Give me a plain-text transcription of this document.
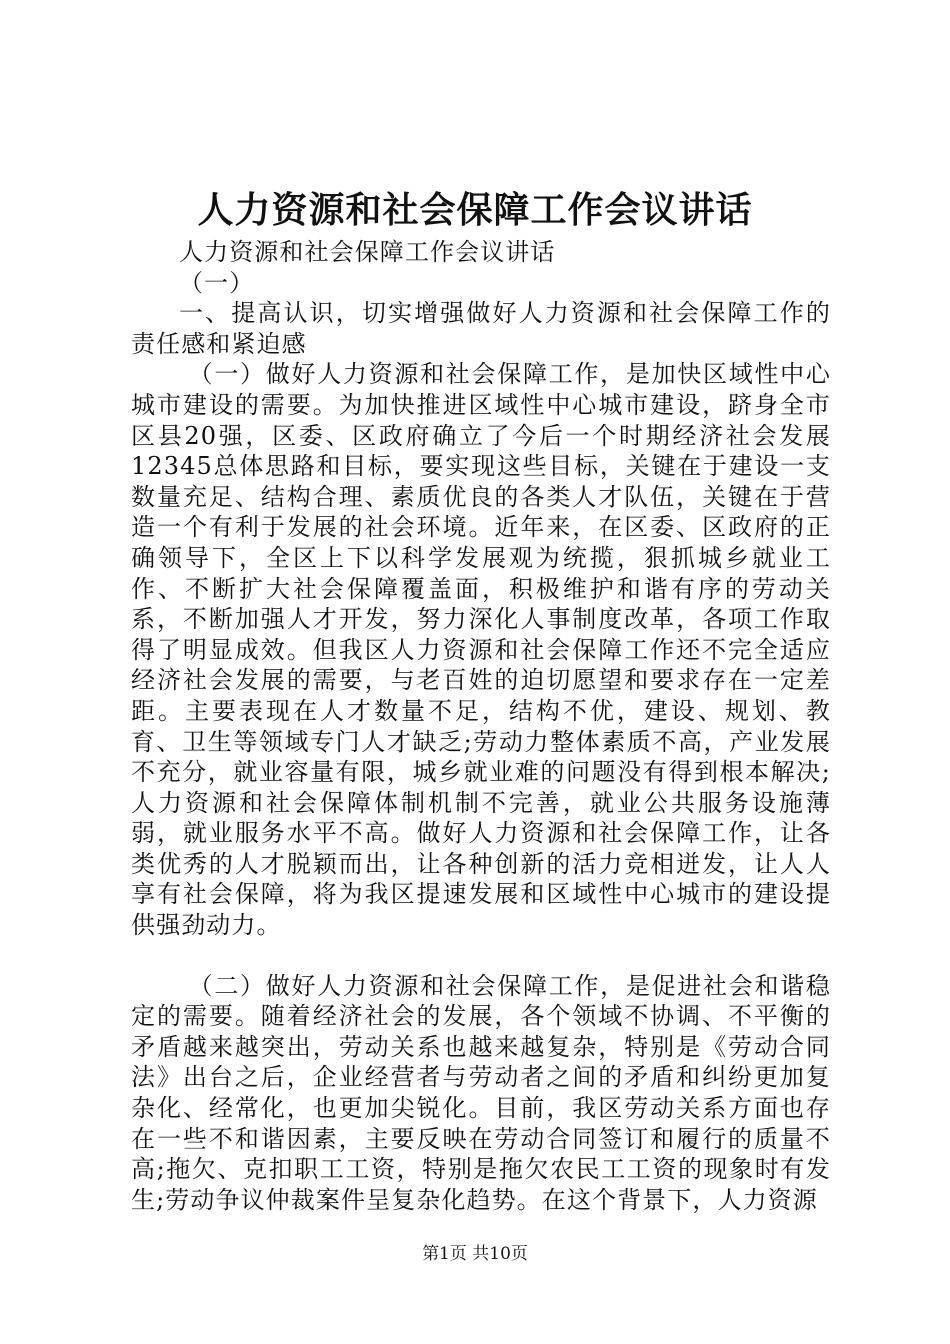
人力资源和社会保障工作会议讲话

人力资源和社会保障工作会议讲话

（一）

一、提高认识，切实增强做好人力资源和社会保障工作的责任感和紧迫感

（一）做好人力资源和社会保障工作，是加快区域性中心城市建设的需要。为加快推进区域性中心城市建设，跻身全市区县20强，区委、区政府确立了今后一个时期经济社会发展12345总体思路和目标，要实现这些目标，关键在于建设一支数量充足、结构合理、素质优良的各类人才队伍，关键在于营造一个有利于发展的社会环境。近年来，在区委、区政府的正确领导下，全区上下以科学发展观为统揽，狠抓城乡就业工作、不断扩大社会保障覆盖面，积极维护和谐有序的劳动关系，不断加强人才开发，努力深化人事制度改革，各项工作取得了明显成效。但我区人力资源和社会保障工作还不完全适应经济社会发展的需要，与老百姓的迫切愿望和要求存在一定差距。主要表现在人才数量不足，结构不优，建设、规划、教育、卫生等领域专门人才缺乏;劳动力整体素质不高，产业发展不充分，就业容量有限，城乡就业难的问题没有得到根本解决;人力资源和社会保障体制机制不完善，就业公共服务设施薄弱，就业服务水平不高。做好人力资源和社会保障工作，让各类优秀的人才脱颖而出，让各种创新的活力竞相迸发，让人人享有社会保障，将为我区提速发展和区域性中心城市的建设提供强劲动力。

（二）做好人力资源和社会保障工作，是促进社会和谐稳定的需要。随着经济社会的发展，各个领域不协调、不平衡的矛盾越来越突出，劳动关系也越来越复杂，特别是《劳动合同法》出台之后，企业经营者与劳动者之间的矛盾和纠纷更加复杂化、经常化，也更加尖锐化。目前，我区劳动关系方面也存在一些不和谐因素，主要反映在劳动合同签订和履行的质量不高;拖欠、克扣职工工资，特别是拖欠农民工工资的现象时有发生;劳动争议仲裁案件呈复杂化趋势。在这个背景下，人力资源

第1页 共10页
